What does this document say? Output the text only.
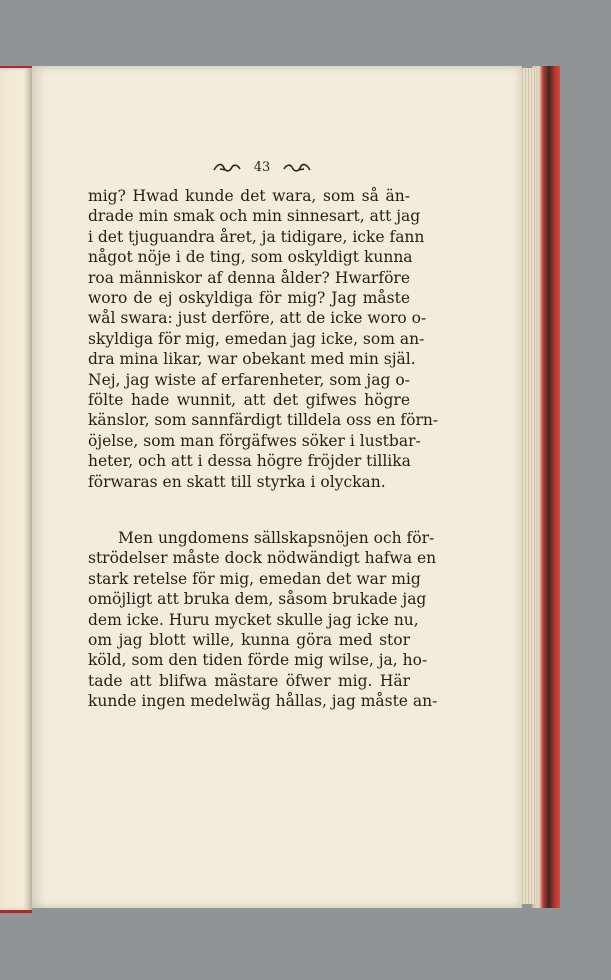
43
mig? Hwad kunde det wara, som så än-
drade min smak och min sinnesart, att jag
i det tjuguandra året, ja tidigare, icke fann
något nöje i de ting, som oskyldigt kunna
roa människor af denna ålder? Hwarföre
woro de ej oskyldiga för mig? Jag måste
wål swara: just derföre, att de icke woro o-
skyldiga för mig, emedan jag icke, som an-
dra mina likar, war obekant med min själ.
Nej, jag wiste af erfarenheter, som jag o-
fölte hade wunnit, att det gifwes högre
känslor, som sannfärdigt tilldela oss en förn-
öjelse, som man förgäfwes söker i lustbar-
heter, och att i dessa högre fröjder tillika
förwaras en skatt till styrka i olyckan.
Men ungdomens sällskapsnöjen och för-
strödelser måste dock nödwändigt hafwa en
stark retelse för mig, emedan det war mig
omöjligt att bruka dem, såsom brukade jag
dem icke. Huru mycket skulle jag icke nu,
om jag blott wille, kunna göra med stor
köld, som den tiden förde mig wilse, ja, ho-
tade att blifwa mästare öfwer mig. Här
kunde ingen medelwäg hållas, jag måste an-
